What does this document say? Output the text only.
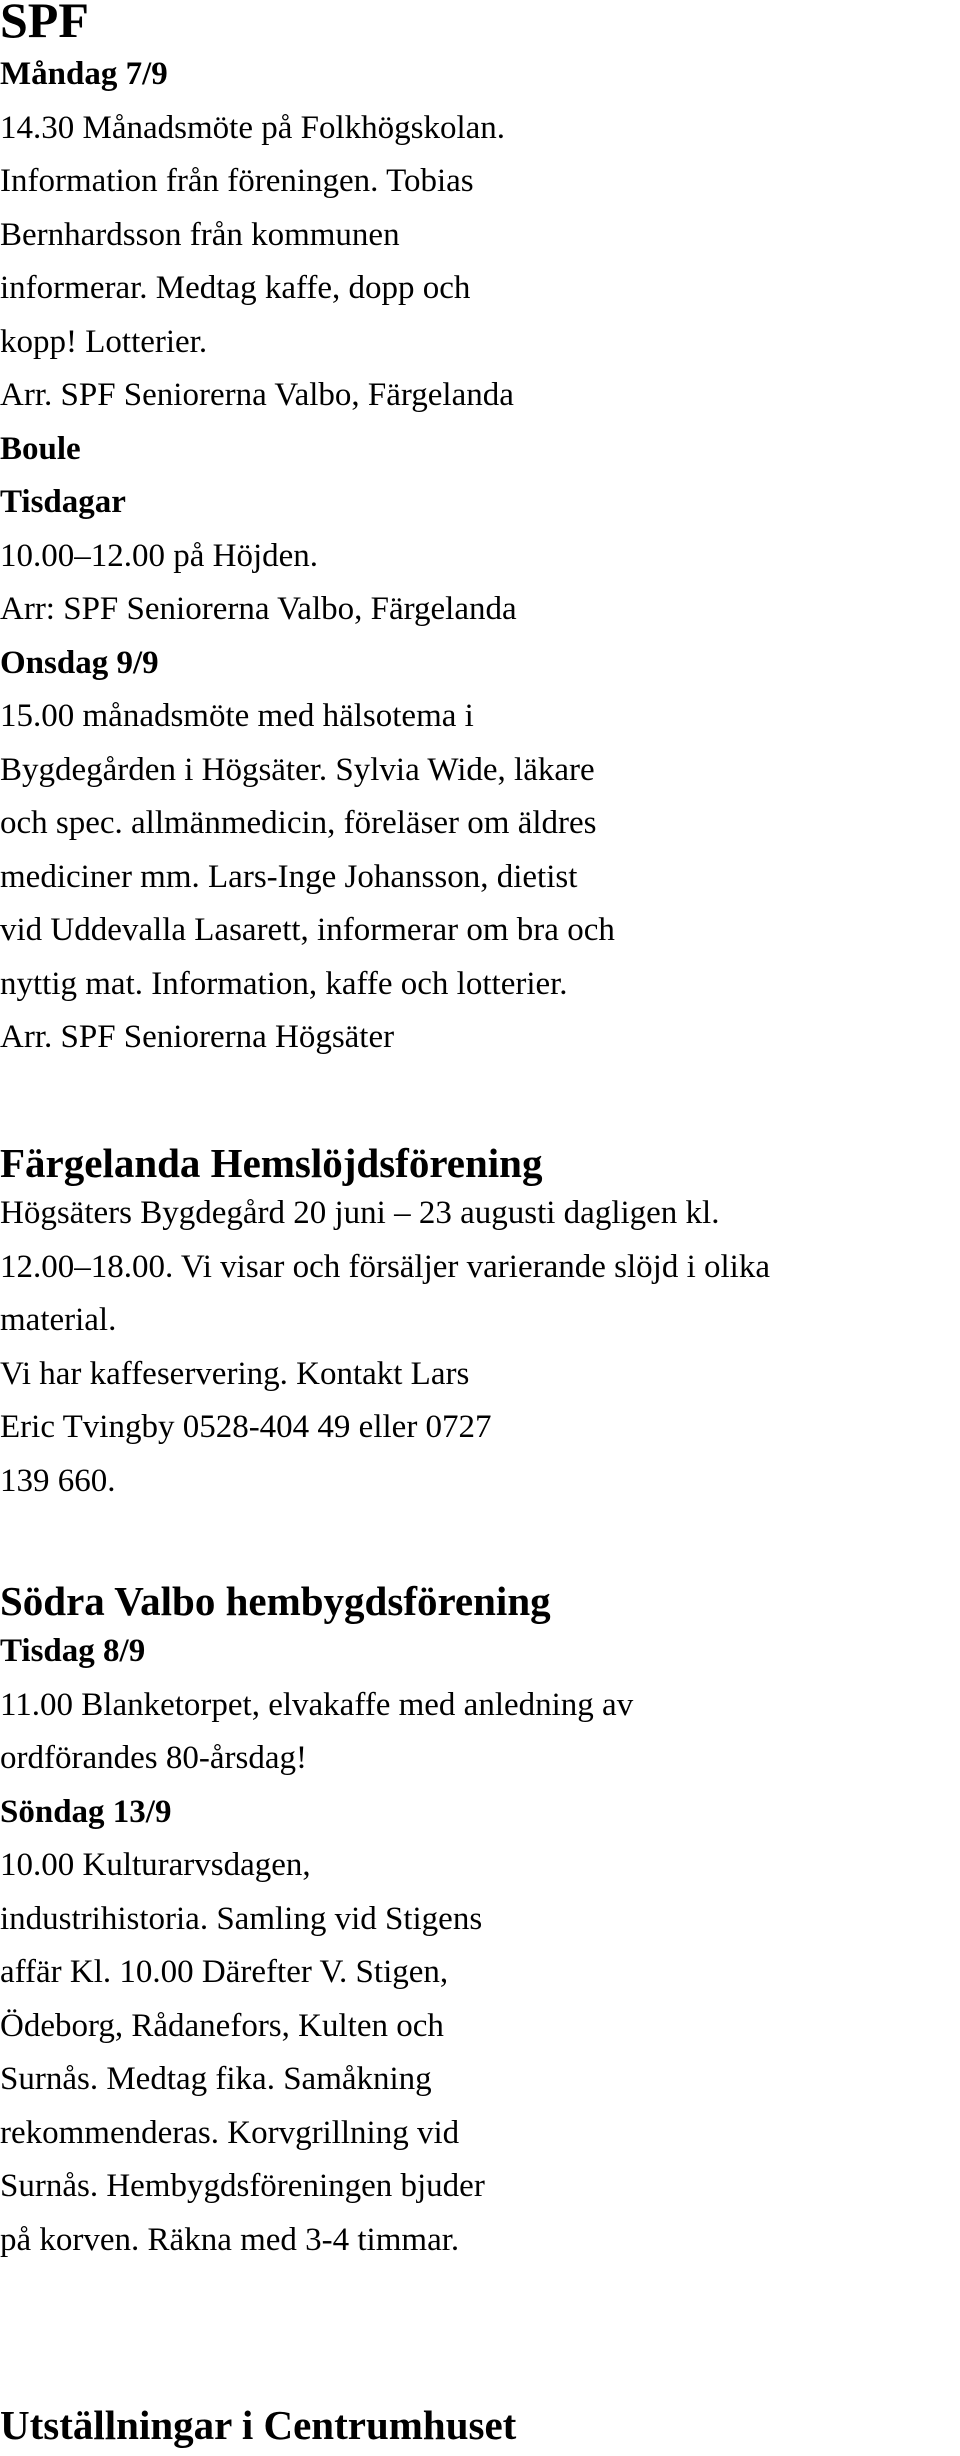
SPF

Måndag 7/9

14.30 Månadsmöte på Folkhögskolan.

Information från föreningen. Tobias

Bernhardsson från kommunen

informerar. Medtag kaffe, dopp och

kopp! Lotterier.

Arr. SPF Seniorerna Valbo, Färgelanda

Boule

Tisdagar

10.00–12.00 på Höjden.

Arr: SPF Seniorerna Valbo, Färgelanda

Onsdag 9/9

15.00 månadsmöte med hälsotema i

Bygdegården i Högsäter. Sylvia Wide, läkare

och spec. allmänmedicin, föreläser om äldres

mediciner mm. Lars-Inge Johansson, dietist

vid Uddevalla Lasarett, informerar om bra och

nyttig mat. Information, kaffe och lotterier.

Arr. SPF Seniorerna Högsäter

Färgelanda Hemslöjdsförening

Högsäters Bygdegård 20 juni – 23 augusti dagligen kl.

12.00–18.00. Vi visar och försäljer varierande slöjd i olika

material.

Vi har kaffeservering. Kontakt Lars

Eric Tvingby 0528-404 49 eller 0727

139 660.

Södra Valbo hembygdsförening

Tisdag 8/9

11.00 Blanketorpet, elvakaffe med anledning av

ordförandes 80-årsdag!

Söndag 13/9

10.00 Kulturarvsdagen,

industrihistoria. Samling vid Stigens

affär Kl. 10.00 Därefter V. Stigen,

Ödeborg, Rådanefors, Kulten och

Surnås. Medtag fika. Samåkning

rekommenderas. Korvgrillning vid

Surnås. Hembygdsföreningen bjuder

på korven. Räkna med 3-4 timmar.

Utställningar i Centrumhuset
